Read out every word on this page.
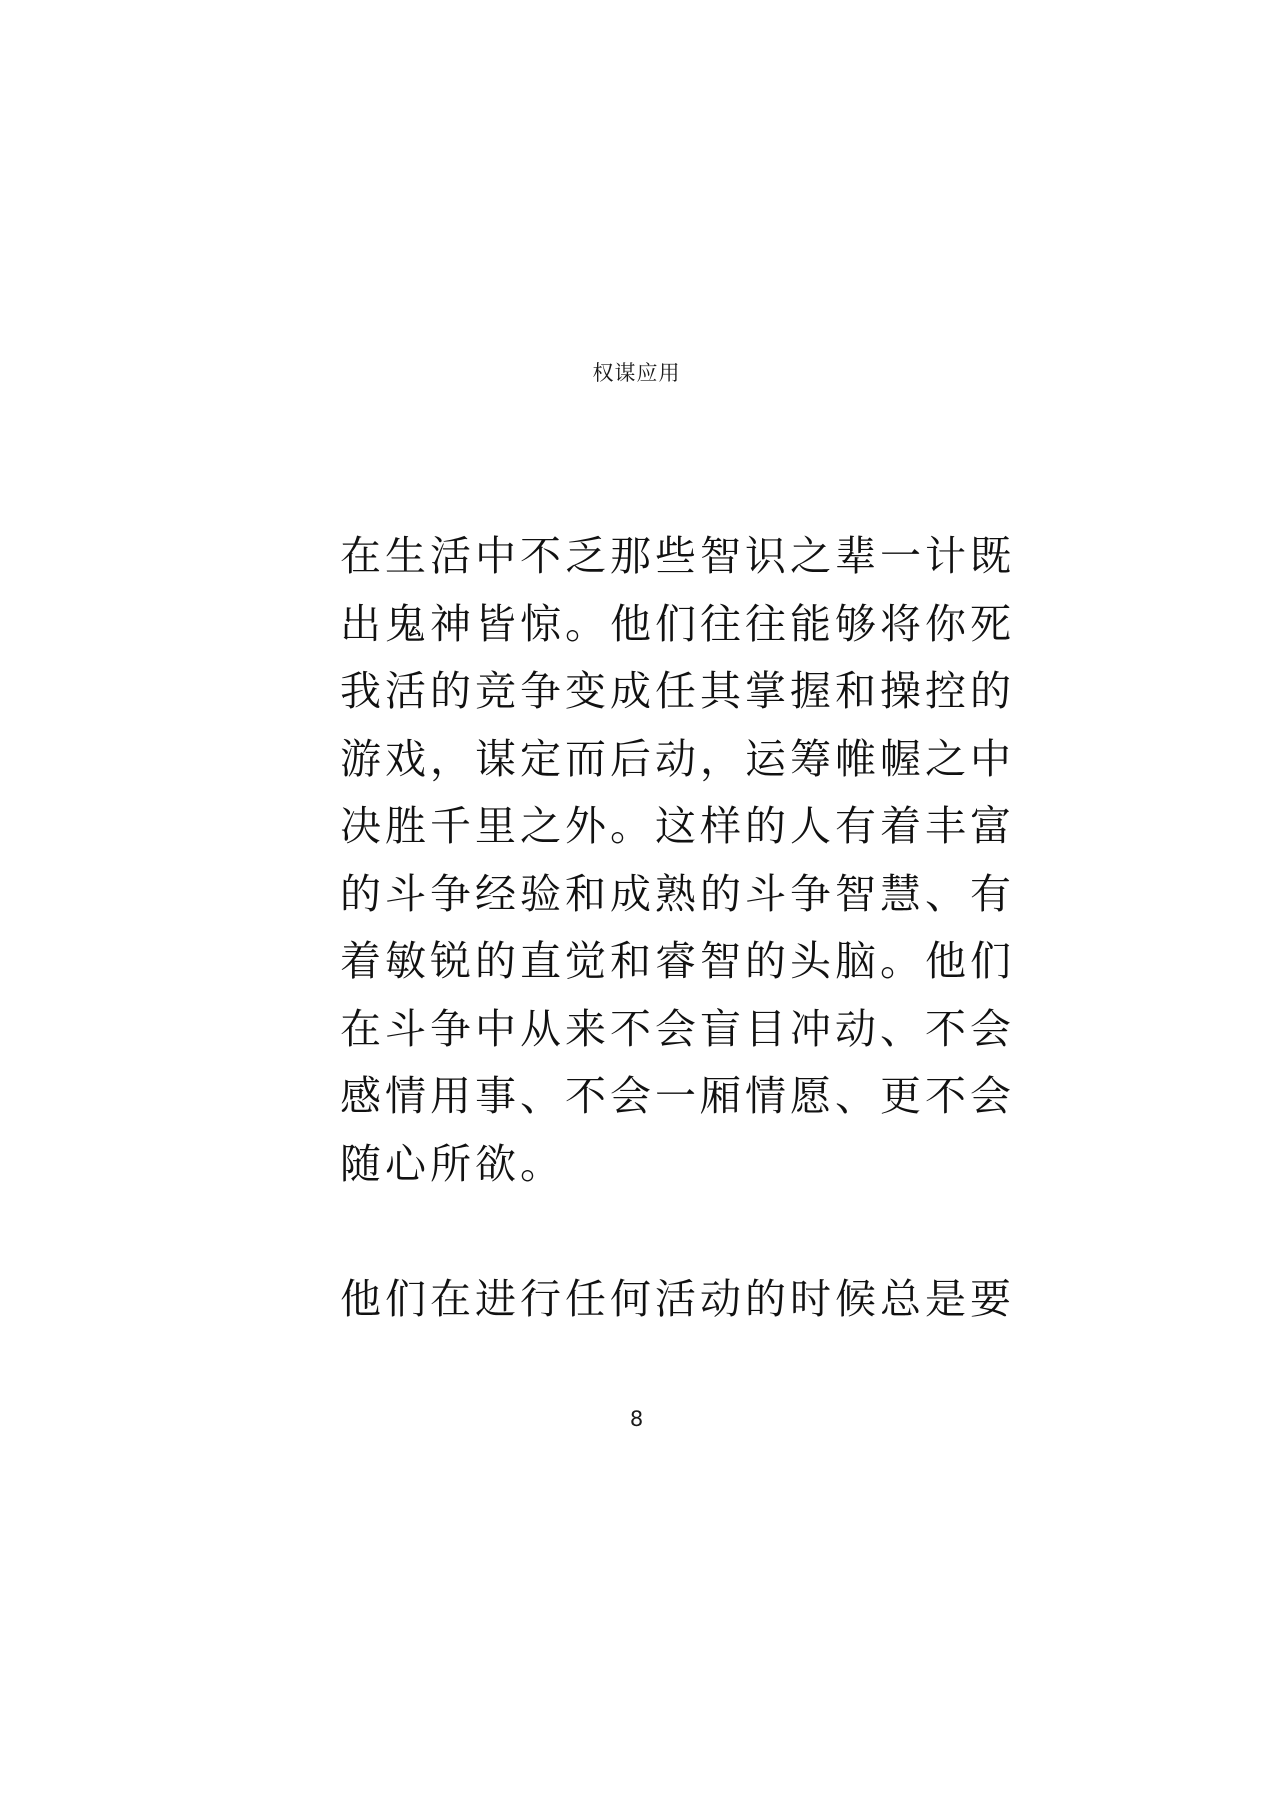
权谋应用
在生活中不乏那些智识之辈一计既
出鬼神皆惊。他们往往能够将你死
我活的竞争变成任其掌握和操控的
游戏，谋定而后动，运筹帷幄之中
决胜千里之外。这样的人有着丰富
的斗争经验和成熟的斗争智慧、有
着敏锐的直觉和睿智的头脑。他们
在斗争中从来不会盲目冲动、不会
感情用事、不会一厢情愿、更不会
随心所欲。
他们在进行任何活动的时候总是要
8
